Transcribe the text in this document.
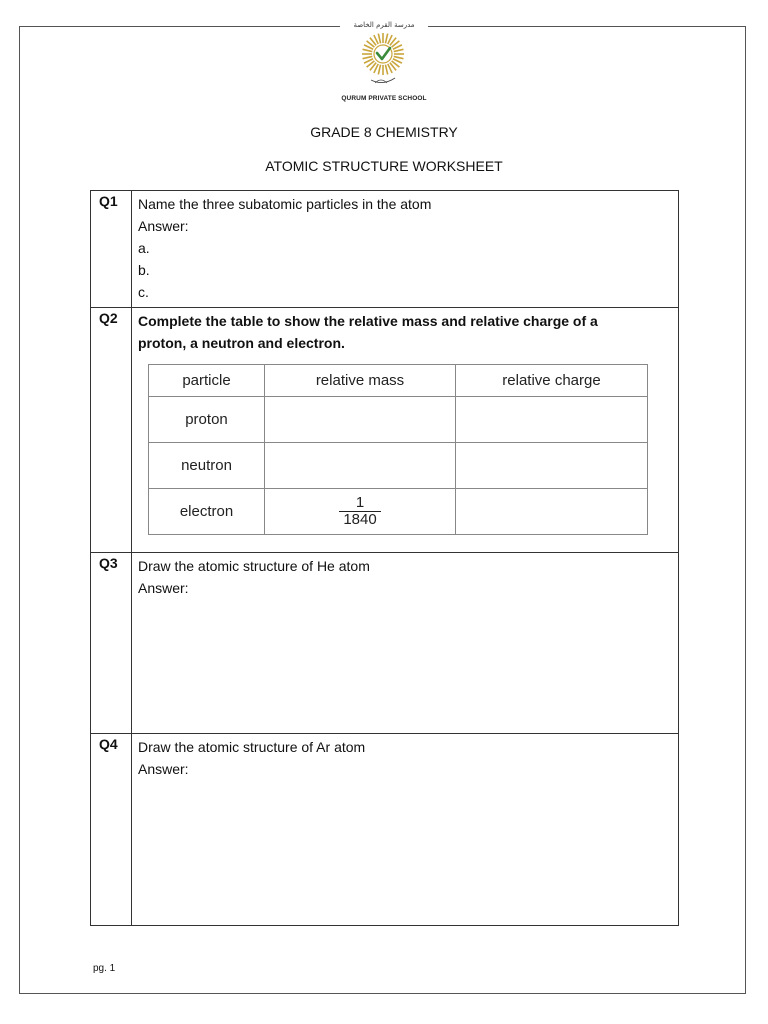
مدرسة القرم الخاصة
QURUM PRIVATE SCHOOL
GRADE 8 CHEMISTRY
ATOMIC STRUCTURE WORKSHEET
Q1	Name the three subatomic particles in the atom
Answer:
a.
b.
c.

Q2	Complete the table to show the relative mass and relative charge of a
proton, a neutron and electron.
particle	relative mass	relative charge
proton		
neutron		
electron	$\frac{1}{1840}$

Q3	Draw the atomic structure of He atom
Answer:

Q4	Draw the atomic structure of Ar atom
Answer:
pg. 1
